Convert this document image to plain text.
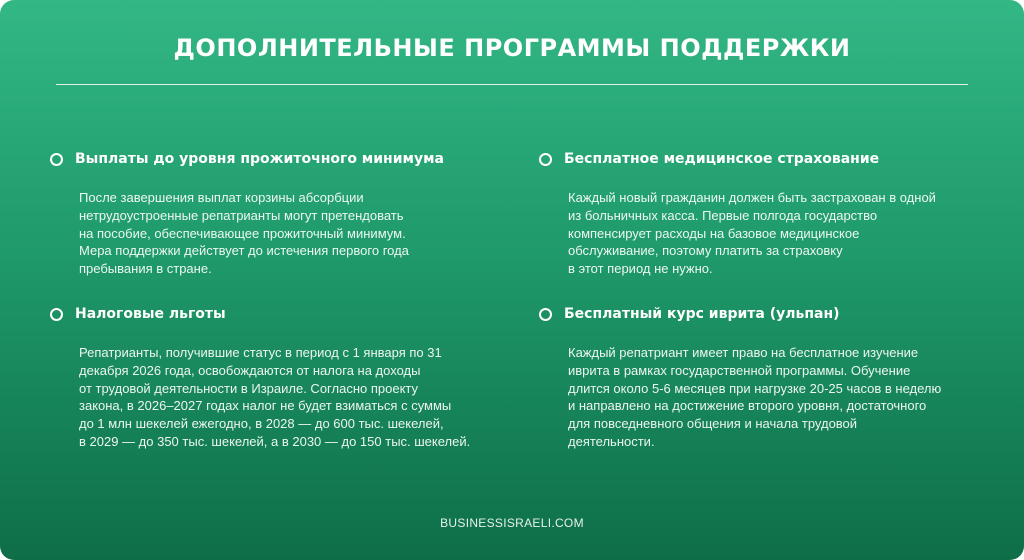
ДОПОЛНИТЕЛЬНЫЕ ПРОГРАММЫ ПОДДЕРЖКИ
Выплаты до уровня прожиточного минимума
После завершения выплат корзины абсорбции
нетрудоустроенные репатрианты могут претендовать
на пособие, обеспечивающее прожиточный минимум.
Мера поддержки действует до истечения первого года
пребывания в стране.
Бесплатное медицинское страхование
Каждый новый гражданин должен быть застрахован в одной
из больничных касса. Первые полгода государство
компенсирует расходы на базовое медицинское
обслуживание, поэтому платить за страховку
в этот период не нужно.
Налоговые льготы
Репатрианты, получившие статус в период с 1 января по 31
декабря 2026 года, освобождаются от налога на доходы
от трудовой деятельности в Израиле. Согласно проекту
закона, в 2026–2027 годах налог не будет взиматься с суммы
до 1 млн шекелей ежегодно, в 2028 — до 600 тыс. шекелей,
в 2029 — до 350 тыс. шекелей, а в 2030 — до 150 тыс. шекелей.
Бесплатный курс иврита (ульпан)
Каждый репатриант имеет право на бесплатное изучение
иврита в рамках государственной программы. Обучение
длится около 5-6 месяцев при нагрузке 20-25 часов в неделю
и направлено на достижение второго уровня, достаточного
для повседневного общения и начала трудовой
деятельности.
BUSINESSISRAELI.COM
